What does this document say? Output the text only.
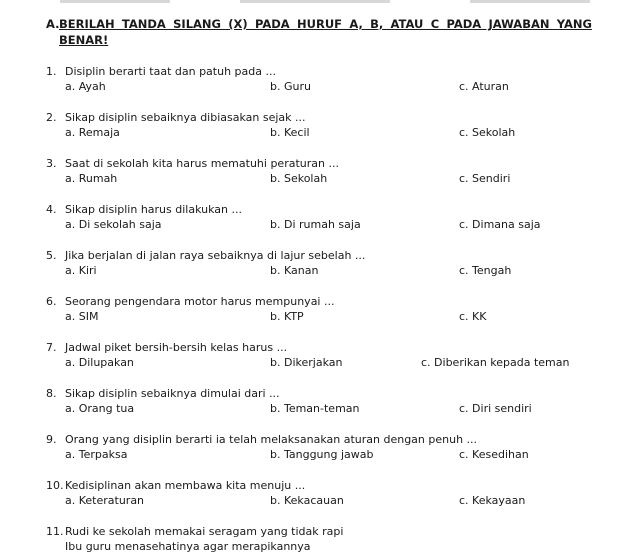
A. BERILAH TANDA SILANG (X) PADA HURUF A, B, ATAU C PADA JAWABAN YANG BENAR!
1. Disiplin berarti taat dan patuh pada ...
a. Ayah	b. Guru	c. Aturan
2. Sikap disiplin sebaiknya dibiasakan sejak ...
a. Remaja	b. Kecil	c. Sekolah
3. Saat di sekolah kita harus mematuhi peraturan ...
a. Rumah	b. Sekolah	c. Sendiri
4. Sikap disiplin harus dilakukan ...
a. Di sekolah saja	b. Di rumah saja	c. Dimana saja
5. Jika berjalan di jalan raya sebaiknya di lajur sebelah ...
a. Kiri	b. Kanan	c. Tengah
6. Seorang pengendara motor harus mempunyai ...
a. SIM	b. KTP	c. KK
7. Jadwal piket bersih-bersih kelas harus ...
a. Dilupakan	b. Dikerjakan	c. Diberikan kepada teman
8. Sikap disiplin sebaiknya dimulai dari ...
a. Orang tua	b. Teman-teman	c. Diri sendiri
9. Orang yang disiplin berarti ia telah melaksanakan aturan dengan penuh ...
a. Terpaksa	b. Tanggung jawab	c. Kesedihan
10. Kedisiplinan akan membawa kita menuju ...
a. Keteraturan	b. Kekacauan	c. Kekayaan
11. Rudi ke sekolah memakai seragam yang tidak rapi
Ibu guru menasehatinya agar merapikannya
